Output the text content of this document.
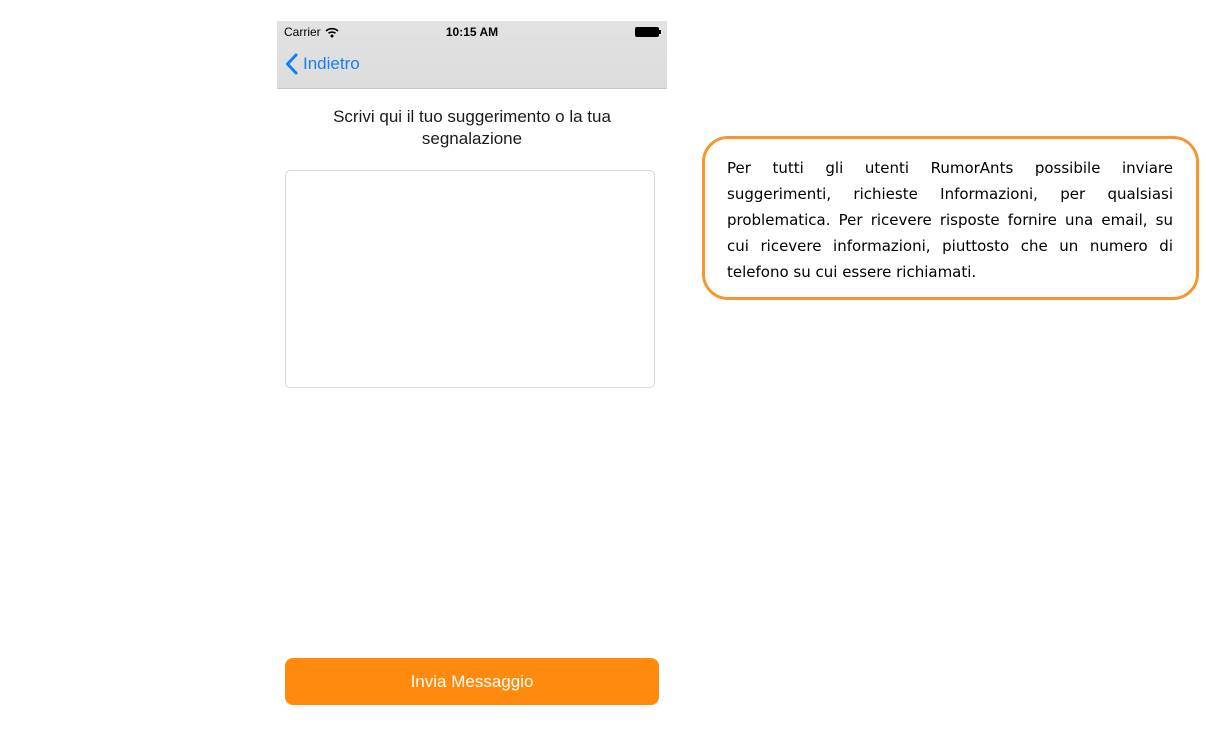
Carrier	10:15 AM
Indietro
Scrivi qui il tuo suggerimento o la tua segnalazione
Invia Messaggio

Per tutti gli utenti RumorAnts possibile inviare suggerimenti, richieste Informazioni, per qualsiasi problematica. Per ricevere risposte fornire una email, su cui ricevere informazioni, piuttosto che un numero di telefono su cui essere richiamati.
